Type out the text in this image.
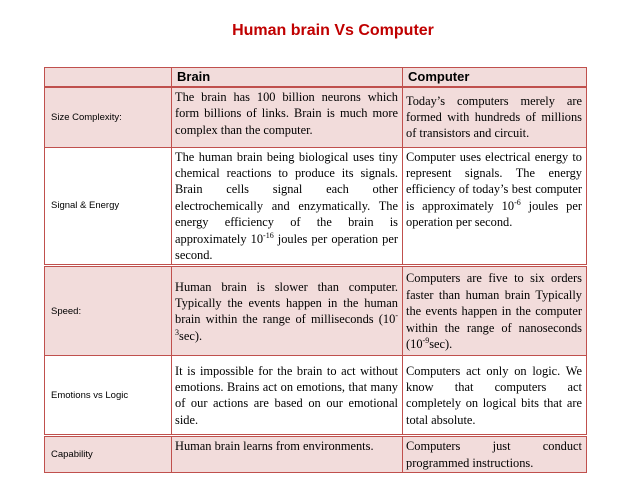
Human brain Vs Computer
	Brain	Computer
Size Complexity:	The brain has 100 billion neurons which form billions of links. Brain is much more complex than the computer.	Today’s computers merely are formed with hundreds of millions of transistors and circuit.
Signal & Energy	The human brain being biological uses tiny chemical reactions to produce its signals. Brain cells signal each other electrochemically and enzymatically. The energy efficiency of the brain is approximately $10^{-16}$ joules per operation per second.	Computer uses electrical energy to represent signals. The energy efficiency of today’s best computer is approximately $10^{-6}$ joules per operation per second.
Speed:	Human brain is slower than computer. Typically the events happen in the human brain within the range of milliseconds $(10^{-3}\sec)$.	Computers are five to six orders faster than human brain Typically the events happen in the computer within the range of nanoseconds $(10^{-9}\sec)$.
Emotions vs Logic	It is impossible for the brain to act without emotions. Brains act on emotions, that many of our actions are based on our emotional side.	Computers act only on logic. We know that computers act completely on logical bits that are total absolute.
Capability	Human brain learns from environments.	Computers just conduct programmed instructions.
